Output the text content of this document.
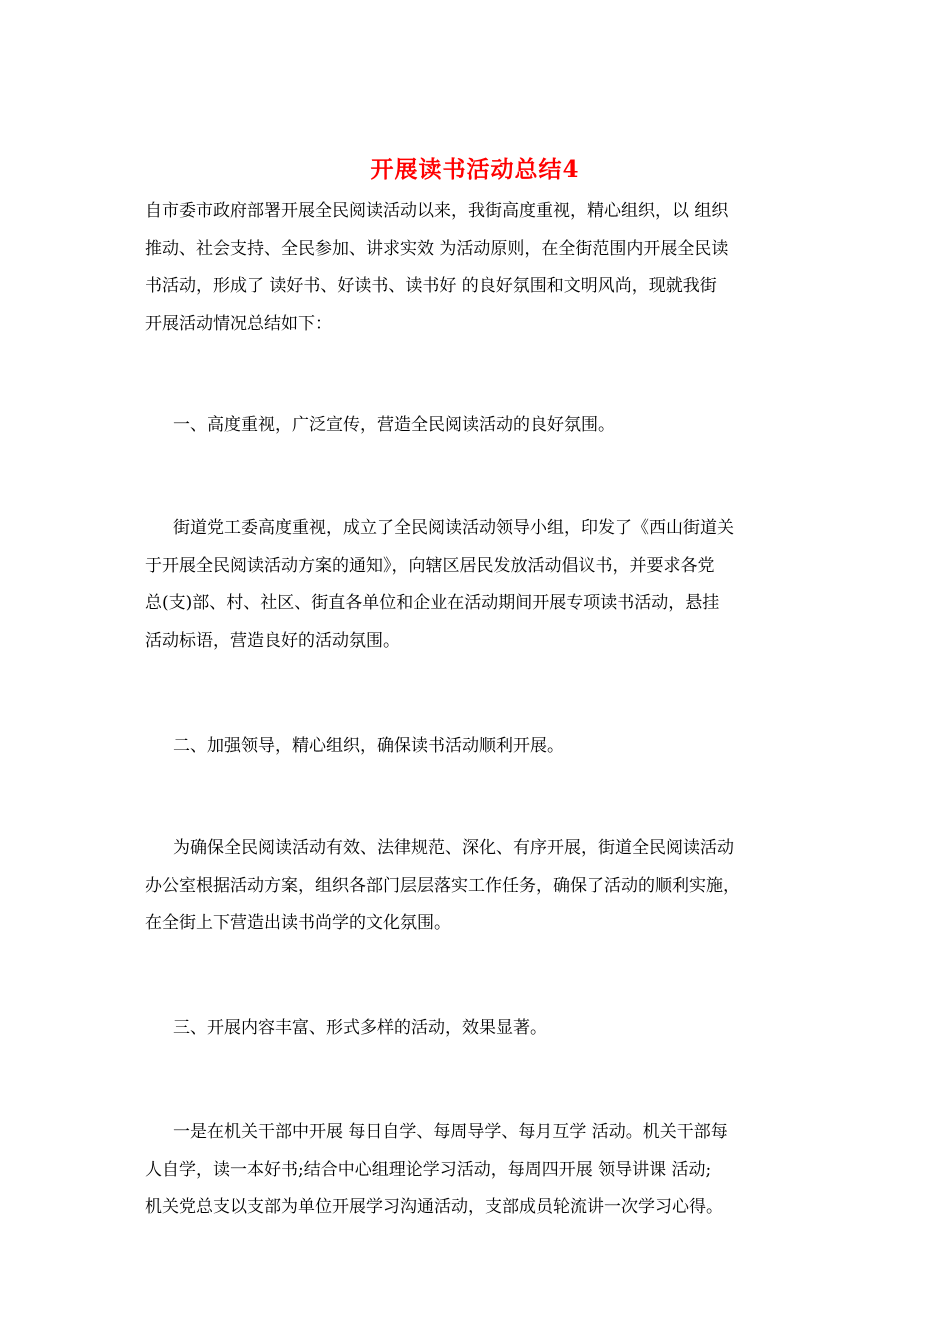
开展读书活动总结4
自市委市政府部署开展全民阅读活动以来，我街高度重视，精心组织，以 组织
推动、社会支持、全民参加、讲求实效 为活动原则，在全街范围内开展全民读
书活动，形成了 读好书、好读书、读书好 的良好氛围和文明风尚，现就我街
开展活动情况总结如下：
一、高度重视，广泛宣传，营造全民阅读活动的良好氛围。
街道党工委高度重视，成立了全民阅读活动领导小组，印发了《西山街道关
于开展全民阅读活动方案的通知》，向辖区居民发放活动倡议书，并要求各党
总(支)部、村、社区、街直各单位和企业在活动期间开展专项读书活动，悬挂
活动标语，营造良好的活动氛围。
二、加强领导，精心组织，确保读书活动顺利开展。
为确保全民阅读活动有效、法律规范、深化、有序开展，街道全民阅读活动
办公室根据活动方案，组织各部门层层落实工作任务，确保了活动的顺利实施，
在全街上下营造出读书尚学的文化氛围。
三、开展内容丰富、形式多样的活动，效果显著。
一是在机关干部中开展 每日自学、每周导学、每月互学 活动。机关干部每
人自学，读一本好书;结合中心组理论学习活动，每周四开展 领导讲课 活动;
机关党总支以支部为单位开展学习沟通活动，支部成员轮流讲一次学习心得。
